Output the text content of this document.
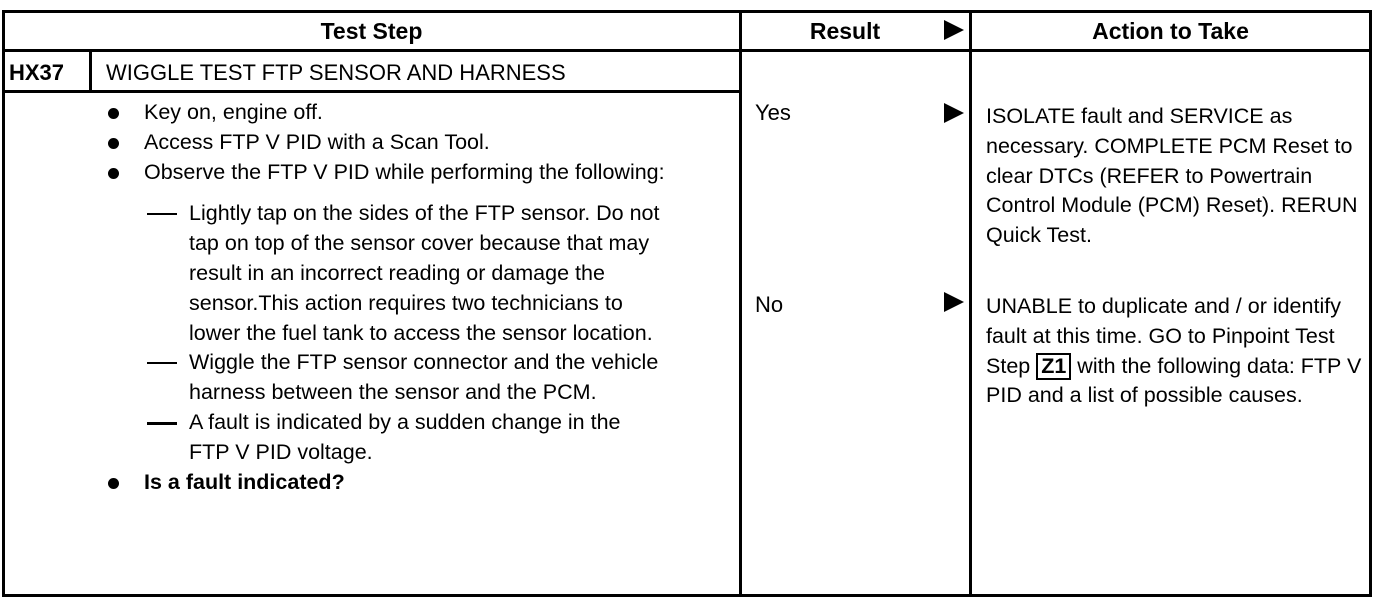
Test Step	Result	Action to Take
HX37 WIGGLE TEST FTP SENSOR AND HARNESS
Key on, engine off.
Access FTP V PID with a Scan Tool.
Observe the FTP V PID while performing the following:
Lightly tap on the sides of the FTP sensor. Do not tap on top of the sensor cover because that may result in an incorrect reading or damage the sensor.This action requires two technicians to lower the fuel tank to access the sensor location.
Wiggle the FTP sensor connector and the vehicle harness between the sensor and the PCM.
A fault is indicated by a sudden change in the FTP V PID voltage.
Is a fault indicated?
Yes	ISOLATE fault and SERVICE as necessary. COMPLETE PCM Reset to clear DTCs (REFER to Powertrain Control Module (PCM) Reset). RERUN Quick Test.
No	UNABLE to duplicate and / or identify fault at this time. GO to Pinpoint Test Step Z1 with the following data: FTP V PID and a list of possible causes.
